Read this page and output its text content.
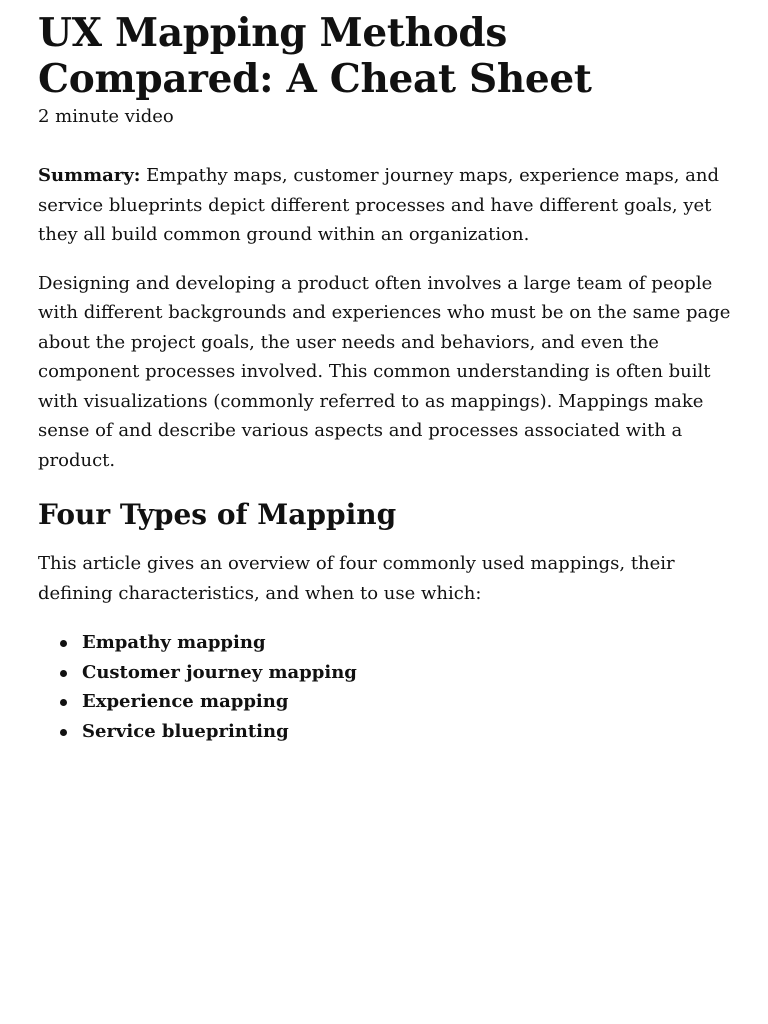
UX Mapping Methods Compared: A Cheat Sheet

2 minute video

Summary: Empathy maps, customer journey maps, experience maps, and service blueprints depict different processes and have different goals, yet they all build common ground within an organization.

Designing and developing a product often involves a large team of people with different backgrounds and experiences who must be on the same page about the project goals, the user needs and behaviors, and even the component processes involved. This common understanding is often built with visualizations (commonly referred to as mappings). Mappings make sense of and describe various aspects and processes associated with a product.

Four Types of Mapping

This article gives an overview of four commonly used mappings, their defining characteristics, and when to use which:

Empathy mapping
Customer journey mapping
Experience mapping
Service blueprinting
